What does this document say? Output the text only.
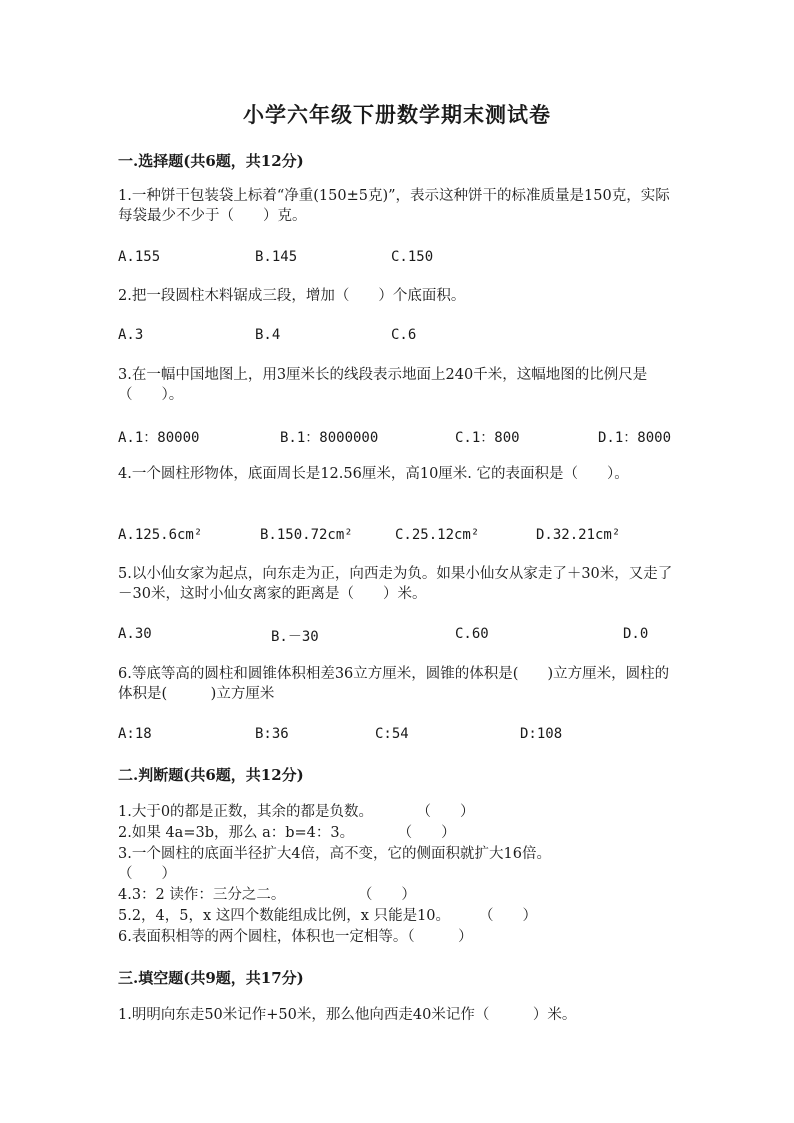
小学六年级下册数学期末测试卷
一.选择题(共6题，共12分)
1.一种饼干包装袋上标着“净重(150±5克)”，表示这种饼干的标准质量是150克，实际每袋最少不少于（　　）克。
A.155	B.145	C.150
2.把一段圆柱木料锯成三段，增加（　　）个底面积。
A.3	B.4	C.6
3.在一幅中国地图上，用3厘米长的线段表示地面上240千米，这幅地图的比例尺是（　　）。
A.1：80000	B.1：8000000	C.1：800	D.1：8000
4.一个圆柱形物体，底面周长是12.56厘米，高10厘米. 它的表面积是（　　）。
A.125.6cm²	B.150.72cm²	C.25.12cm²	D.32.21cm²
5.以小仙女家为起点，向东走为正，向西走为负。如果小仙女从家走了＋30米，又走了－30米，这时小仙女离家的距离是（　　）米。
A.30	B.－30	C.60	D.0
6.等底等高的圆柱和圆锥体积相差36立方厘米，圆锥的体积是(　　)立方厘米，圆柱的体积是(　　　)立方厘米
A:18	B:36	C:54	D:108
二.判断题(共6题，共12分)
1.大于0的都是正数，其余的都是负数。　　　　（　　）
2.如果 4a=3b，那么 a：b=4：3。　　　　（　　）
3.一个圆柱的底面半径扩大4倍，高不变，它的侧面积就扩大16倍。
（　　）
4.3：2 读作：三分之二。　　　　　　（　　）
5.2，4，5，x 这四个数能组成比例，x 只能是10。　　　（　　）
6.表面积相等的两个圆柱，体积也一定相等。（　　　）
三.填空题(共9题，共17分)
1.明明向东走50米记作+50米，那么他向西走40米记作（　　　）米。
